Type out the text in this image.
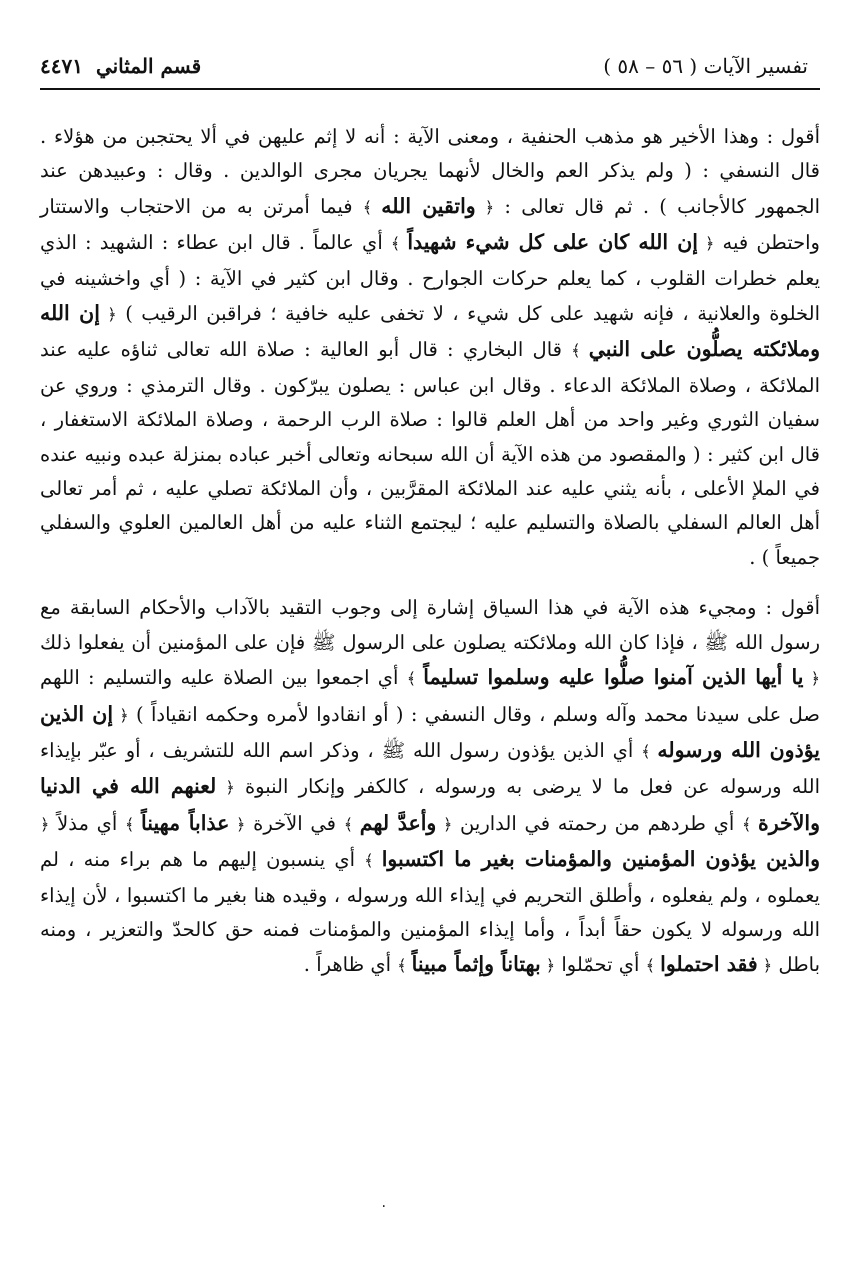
تفسير الآيات ( ٥٦ – ٥٨ )
قسم المثاني ٤٤٧١

أقول : وهذا الأخير هو مذهب الحنفية ، ومعنى الآية : أنه لا إثم عليهن في ألا يحتجبن من هؤلاء . قال النسفي : ( ولم يذكر العم والخال لأنهما يجريان مجرى الوالدين . وقال : وعبيدهن عند الجمهور كالأجانب ) . ثم قال تعالى : ﴿ واتقين الله ﴾ فيما أمرتن به من الاحتجاب والاستتار واحتطن فيه ﴿ إن الله كان على كل شيء شهيداً ﴾ أي عالماً . قال ابن عطاء : الشهيد : الذي يعلم خطرات القلوب ، كما يعلم حركات الجوارح . وقال ابن كثير في الآية : ( أي واخشينه في الخلوة والعلانية ، فإنه شهيد على كل شيء ، لا تخفى عليه خافية ؛ فراقبن الرقيب ) ﴿ إن الله وملائكته يصلُّون على النبي ﴾ قال البخاري : قال أبو العالية : صلاة الله تعالى ثناؤه عليه عند الملائكة ، وصلاة الملائكة الدعاء . وقال ابن عباس : يصلون يبرّكون . وقال الترمذي : وروي عن سفيان الثوري وغير واحد من أهل العلم قالوا : صلاة الرب الرحمة ، وصلاة الملائكة الاستغفار ، قال ابن كثير : ( والمقصود من هذه الآية أن الله سبحانه وتعالى أخبر عباده بمنزلة عبده ونبيه عنده في الملإ الأعلى ، بأنه يثني عليه عند الملائكة المقرَّبين ، وأن الملائكة تصلي عليه ، ثم أمر تعالى أهل العالم السفلي بالصلاة والتسليم عليه ؛ ليجتمع الثناء عليه من أهل العالمين العلوي والسفلي جميعاً ) .

أقول : ومجيء هذه الآية في هذا السياق إشارة إلى وجوب التقيد بالآداب والأحكام السابقة مع رسول الله ﷺ ، فإذا كان الله وملائكته يصلون على الرسول ﷺ فإن على المؤمنين أن يفعلوا ذلك ﴿ يا أيها الذين آمنوا صلُّوا عليه وسلموا تسليماً ﴾ أي اجمعوا بين الصلاة عليه والتسليم : اللهم صل على سيدنا محمد وآله وسلم ، وقال النسفي : ( أو انقادوا لأمره وحكمه انقياداً ) ﴿ إن الذين يؤذون الله ورسوله ﴾ أي الذين يؤذون رسول الله ﷺ ، وذكر اسم الله للتشريف ، أو عبّر بإيذاء الله ورسوله عن فعل ما لا يرضى به ورسوله ، كالكفر وإنكار النبوة ﴿ لعنهم الله في الدنيا والآخرة ﴾ أي طردهم من رحمته في الدارين ﴿ وأعدَّ لهم ﴾ في الآخرة ﴿ عذاباً مهيناً ﴾ أي مذلاً ﴿ والذين يؤذون المؤمنين والمؤمنات بغير ما اكتسبوا ﴾ أي ينسبون إليهم ما هم براء منه ، لم يعملوه ، ولم يفعلوه ، وأطلق التحريم في إيذاء الله ورسوله ، وقيده هنا بغير ما اكتسبوا ، لأن إيذاء الله ورسوله لا يكون حقاً أبداً ، وأما إيذاء المؤمنين والمؤمنات فمنه حق كالحدّ والتعزير ، ومنه باطل ﴿ فقد احتملوا ﴾ أي تحمّلوا ﴿ بهتاناً وإثماً مبيناً ﴾ أي ظاهراً .

٠
